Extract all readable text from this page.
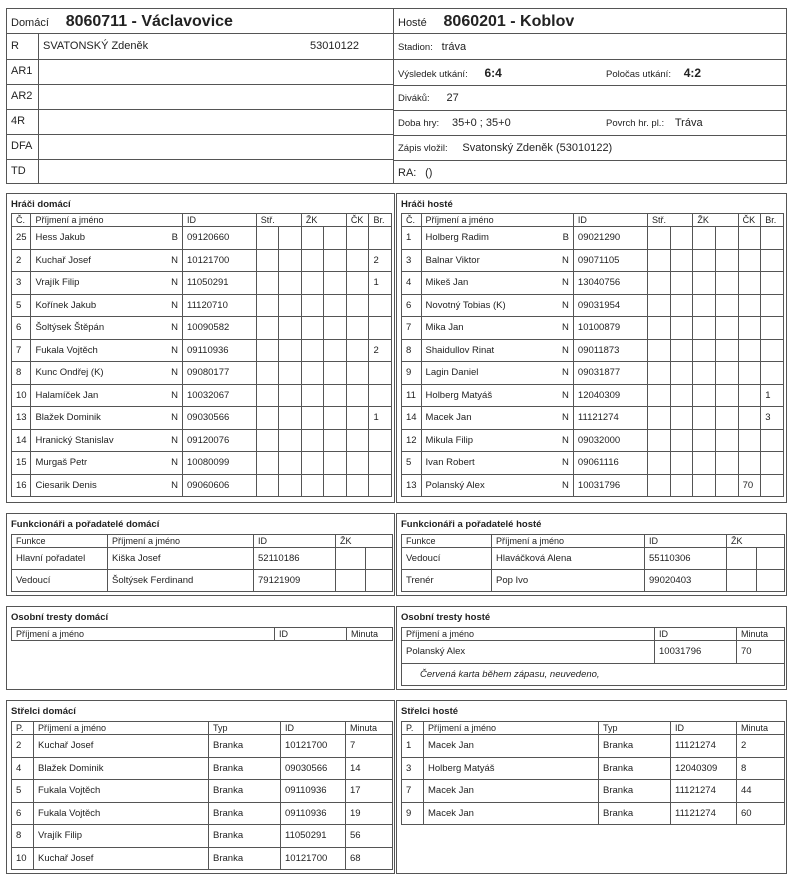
Domácí 8060711 - Václavovice
R	SVATONSKÝ Zdeněk	53010122
AR1
AR2
4R
DFA
TD
Hosté 8060201 - Koblov
Stadion: tráva
Výsledek utkání: 6:4	Poločas utkání: 4:2
Diváků: 27
Doba hry: 35+0 ; 35+0	Povrch hr. pl.: Tráva
Zápis vložil: Svatonský Zdeněk (53010122)
RA: ()
Hráči domácí
Č.	Příjmení a jméno		ID	Stř.		ŽK		ČK	Br.
25	Hess Jakub	B	09120660						
2	Kuchař Josef	N	10121700						2
3	Vrajík Filip	N	11050291						1
5	Kořínek Jakub	N	11120710						
6	Šoltýsek Štěpán	N	10090582						
7	Fukala Vojtěch	N	09110936						2
8	Kunc Ondřej (K)	N	09080177						
10	Halamíček Jan	N	10032067						
13	Blažek Dominik	N	09030566						1
14	Hranický Stanislav	N	09120076						
15	Murgaš Petr	N	10080099						
16	Ciesarik Denis	N	09060606						
Hráči hosté
Č.	Příjmení a jméno		ID	Stř.		ŽK		ČK	Br.
1	Holberg Radim	B	09021290						
3	Balnar Viktor	N	09071105						
4	Mikeš Jan	N	13040756						
6	Novotný Tobias (K)	N	09031954						
7	Mika Jan	N	10100879						
8	Shaidullov Rinat	N	09011873						
9	Lagin Daniel	N	09031877						
11	Holberg Matyáš	N	12040309						1
14	Macek Jan	N	11121274						3
12	Mikula Filip	N	09032000						
5	Ivan Robert	N	09061116						
13	Polanský Alex	N	10031796					70	
Funkcionáři a pořadatelé domácí
Funkce	Příjmení a jméno	ID	ŽK	
Hlavní pořadatel	Kiška Josef	52110186		
Vedoucí	Šoltýsek Ferdinand	79121909		
Funkcionáři a pořadatelé hosté
Funkce	Příjmení a jméno	ID	ŽK	
Vedoucí	Hlaváčková Alena	55110306		
Trenér	Pop Ivo	99020403		
Osobní tresty domácí
Příjmení a jméno	ID	Minuta
Osobní tresty hosté
Příjmení a jméno	ID	Minuta
Polanský Alex	10031796	70
Červená karta během zápasu, neuvedeno,		
Střelci domácí
P.	Příjmení a jméno	Typ	ID	Minuta
2	Kuchař Josef	Branka	10121700	7
4	Blažek Dominik	Branka	09030566	14
5	Fukala Vojtěch	Branka	09110936	17
6	Fukala Vojtěch	Branka	09110936	19
8	Vrajík Filip	Branka	11050291	56
10	Kuchař Josef	Branka	10121700	68
Střelci hosté
P.	Příjmení a jméno	Typ	ID	Minuta
1	Macek Jan	Branka	11121274	2
3	Holberg Matyáš	Branka	12040309	8
7	Macek Jan	Branka	11121274	44
9	Macek Jan	Branka	11121274	60
